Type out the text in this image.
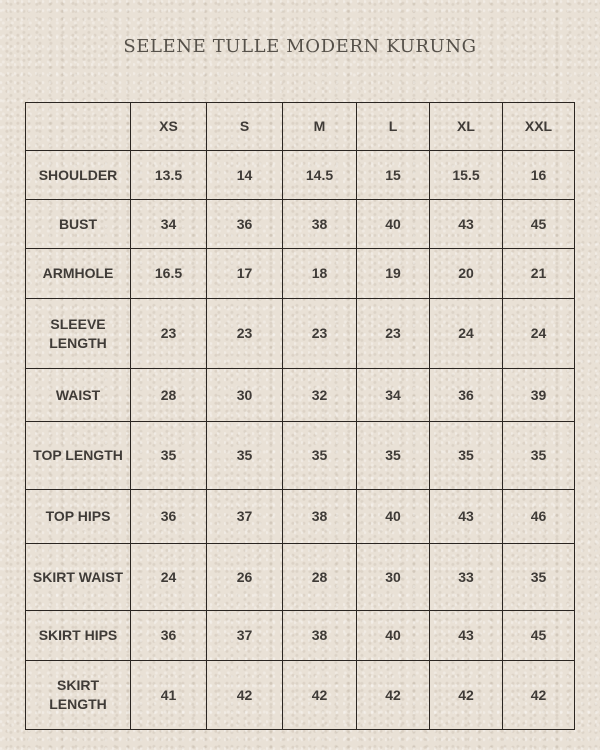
SELENE TULLE MODERN KURUNG
	XS	S	M	L	XL	XXL
SHOULDER	13.5	14	14.5	15	15.5	16
BUST	34	36	38	40	43	45
ARMHOLE	16.5	17	18	19	20	21
SLEEVE LENGTH	23	23	23	23	24	24
WAIST	28	30	32	34	36	39
TOP LENGTH	35	35	35	35	35	35
TOP HIPS	36	37	38	40	43	46
SKIRT WAIST	24	26	28	30	33	35
SKIRT HIPS	36	37	38	40	43	45
SKIRT LENGTH	41	42	42	42	42	42
